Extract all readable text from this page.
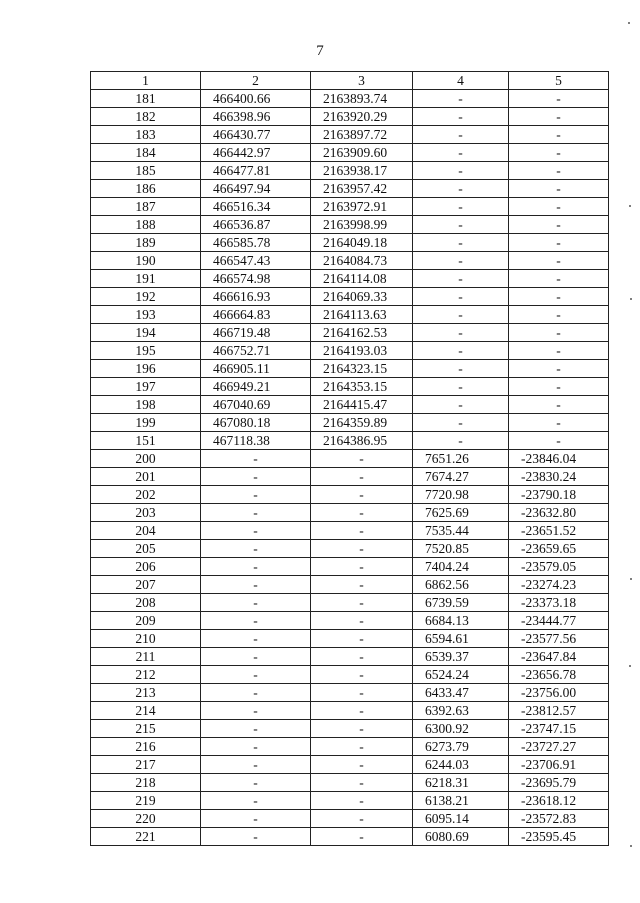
7
1	2	3	4	5
181	466400.66	2163893.74	-	-
182	466398.96	2163920.29	-	-
183	466430.77	2163897.72	-	-
184	466442.97	2163909.60	-	-
185	466477.81	2163938.17	-	-
186	466497.94	2163957.42	-	-
187	466516.34	2163972.91	-	-
188	466536.87	2163998.99	-	-
189	466585.78	2164049.18	-	-
190	466547.43	2164084.73	-	-
191	466574.98	2164114.08	-	-
192	466616.93	2164069.33	-	-
193	466664.83	2164113.63	-	-
194	466719.48	2164162.53	-	-
195	466752.71	2164193.03	-	-
196	466905.11	2164323.15	-	-
197	466949.21	2164353.15	-	-
198	467040.69	2164415.47	-	-
199	467080.18	2164359.89	-	-
151	467118.38	2164386.95	-	-
200	-	-	7651.26	-23846.04
201	-	-	7674.27	-23830.24
202	-	-	7720.98	-23790.18
203	-	-	7625.69	-23632.80
204	-	-	7535.44	-23651.52
205	-	-	7520.85	-23659.65
206	-	-	7404.24	-23579.05
207	-	-	6862.56	-23274.23
208	-	-	6739.59	-23373.18
209	-	-	6684.13	-23444.77
210	-	-	6594.61	-23577.56
211	-	-	6539.37	-23647.84
212	-	-	6524.24	-23656.78
213	-	-	6433.47	-23756.00
214	-	-	6392.63	-23812.57
215	-	-	6300.92	-23747.15
216	-	-	6273.79	-23727.27
217	-	-	6244.03	-23706.91
218	-	-	6218.31	-23695.79
219	-	-	6138.21	-23618.12
220	-	-	6095.14	-23572.83
221	-	-	6080.69	-23595.45
